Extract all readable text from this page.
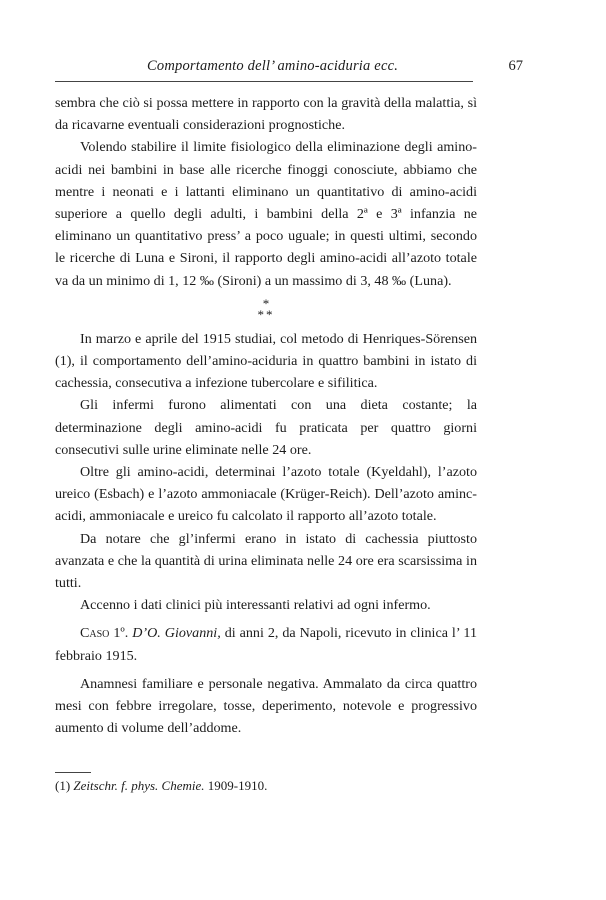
Comportamento dell’ amino-aciduria ecc.	67

sembra che ciò si possa mettere in rapporto con la gravità della malattia, sì da ricavarne eventuali considerazioni prognostiche.

Volendo stabilire il limite fisiologico della eliminazione degli amino-acidi nei bambini in base alle ricerche finoggi conosciute, abbiamo che mentre i neonati e i lattanti eliminano un quantitativo di amino-acidi superiore a quello degli adulti, i bambini della 2ª e 3ª infanzia ne eliminano un quantitativo press’ a poco uguale; in questi ultimi, secondo le ricerche di Luna e Sironi, il rapporto degli amino-acidi all’azoto totale va da un minimo di 1, 12 ‰ (Sironi) a un massimo di 3, 48 ‰ (Luna).

*
**

In marzo e aprile del 1915 studiai, col metodo di Henriques-Sörensen (1), il comportamento dell’amino-aciduria in quattro bambini in istato di cachessia, consecutiva a infezione tubercolare e sifilitica.

Gli infermi furono alimentati con una dieta costante; la determinazione degli amino-acidi fu praticata per quattro giorni consecutivi sulle urine eliminate nelle 24 ore.

Oltre gli amino-acidi, determinai l’azoto totale (Kyeldahl), l’azoto ureico (Esbach) e l’azoto ammoniacale (Krüger-Reich). Dell’azoto aminc-acidi, ammoniacale e ureico fu calcolato il rapporto all’azoto totale.

Da notare che gl’infermi erano in istato di cachessia piuttosto avanzata e che la quantità di urina eliminata nelle 24 ore era scarsissima in tutti.

Accenno i dati clinici più interessanti relativi ad ogni infermo.

Caso 1º. D’O. Giovanni, di anni 2, da Napoli, ricevuto in clinica l’ 11 febbraio 1915.

Anamnesi familiare e personale negativa. Ammalato da circa quattro mesi con febbre irregolare, tosse, deperimento, notevole e progressivo aumento di volume dell’addome.

(1) Zeitschr. f. phys. Chemie. 1909-1910.
